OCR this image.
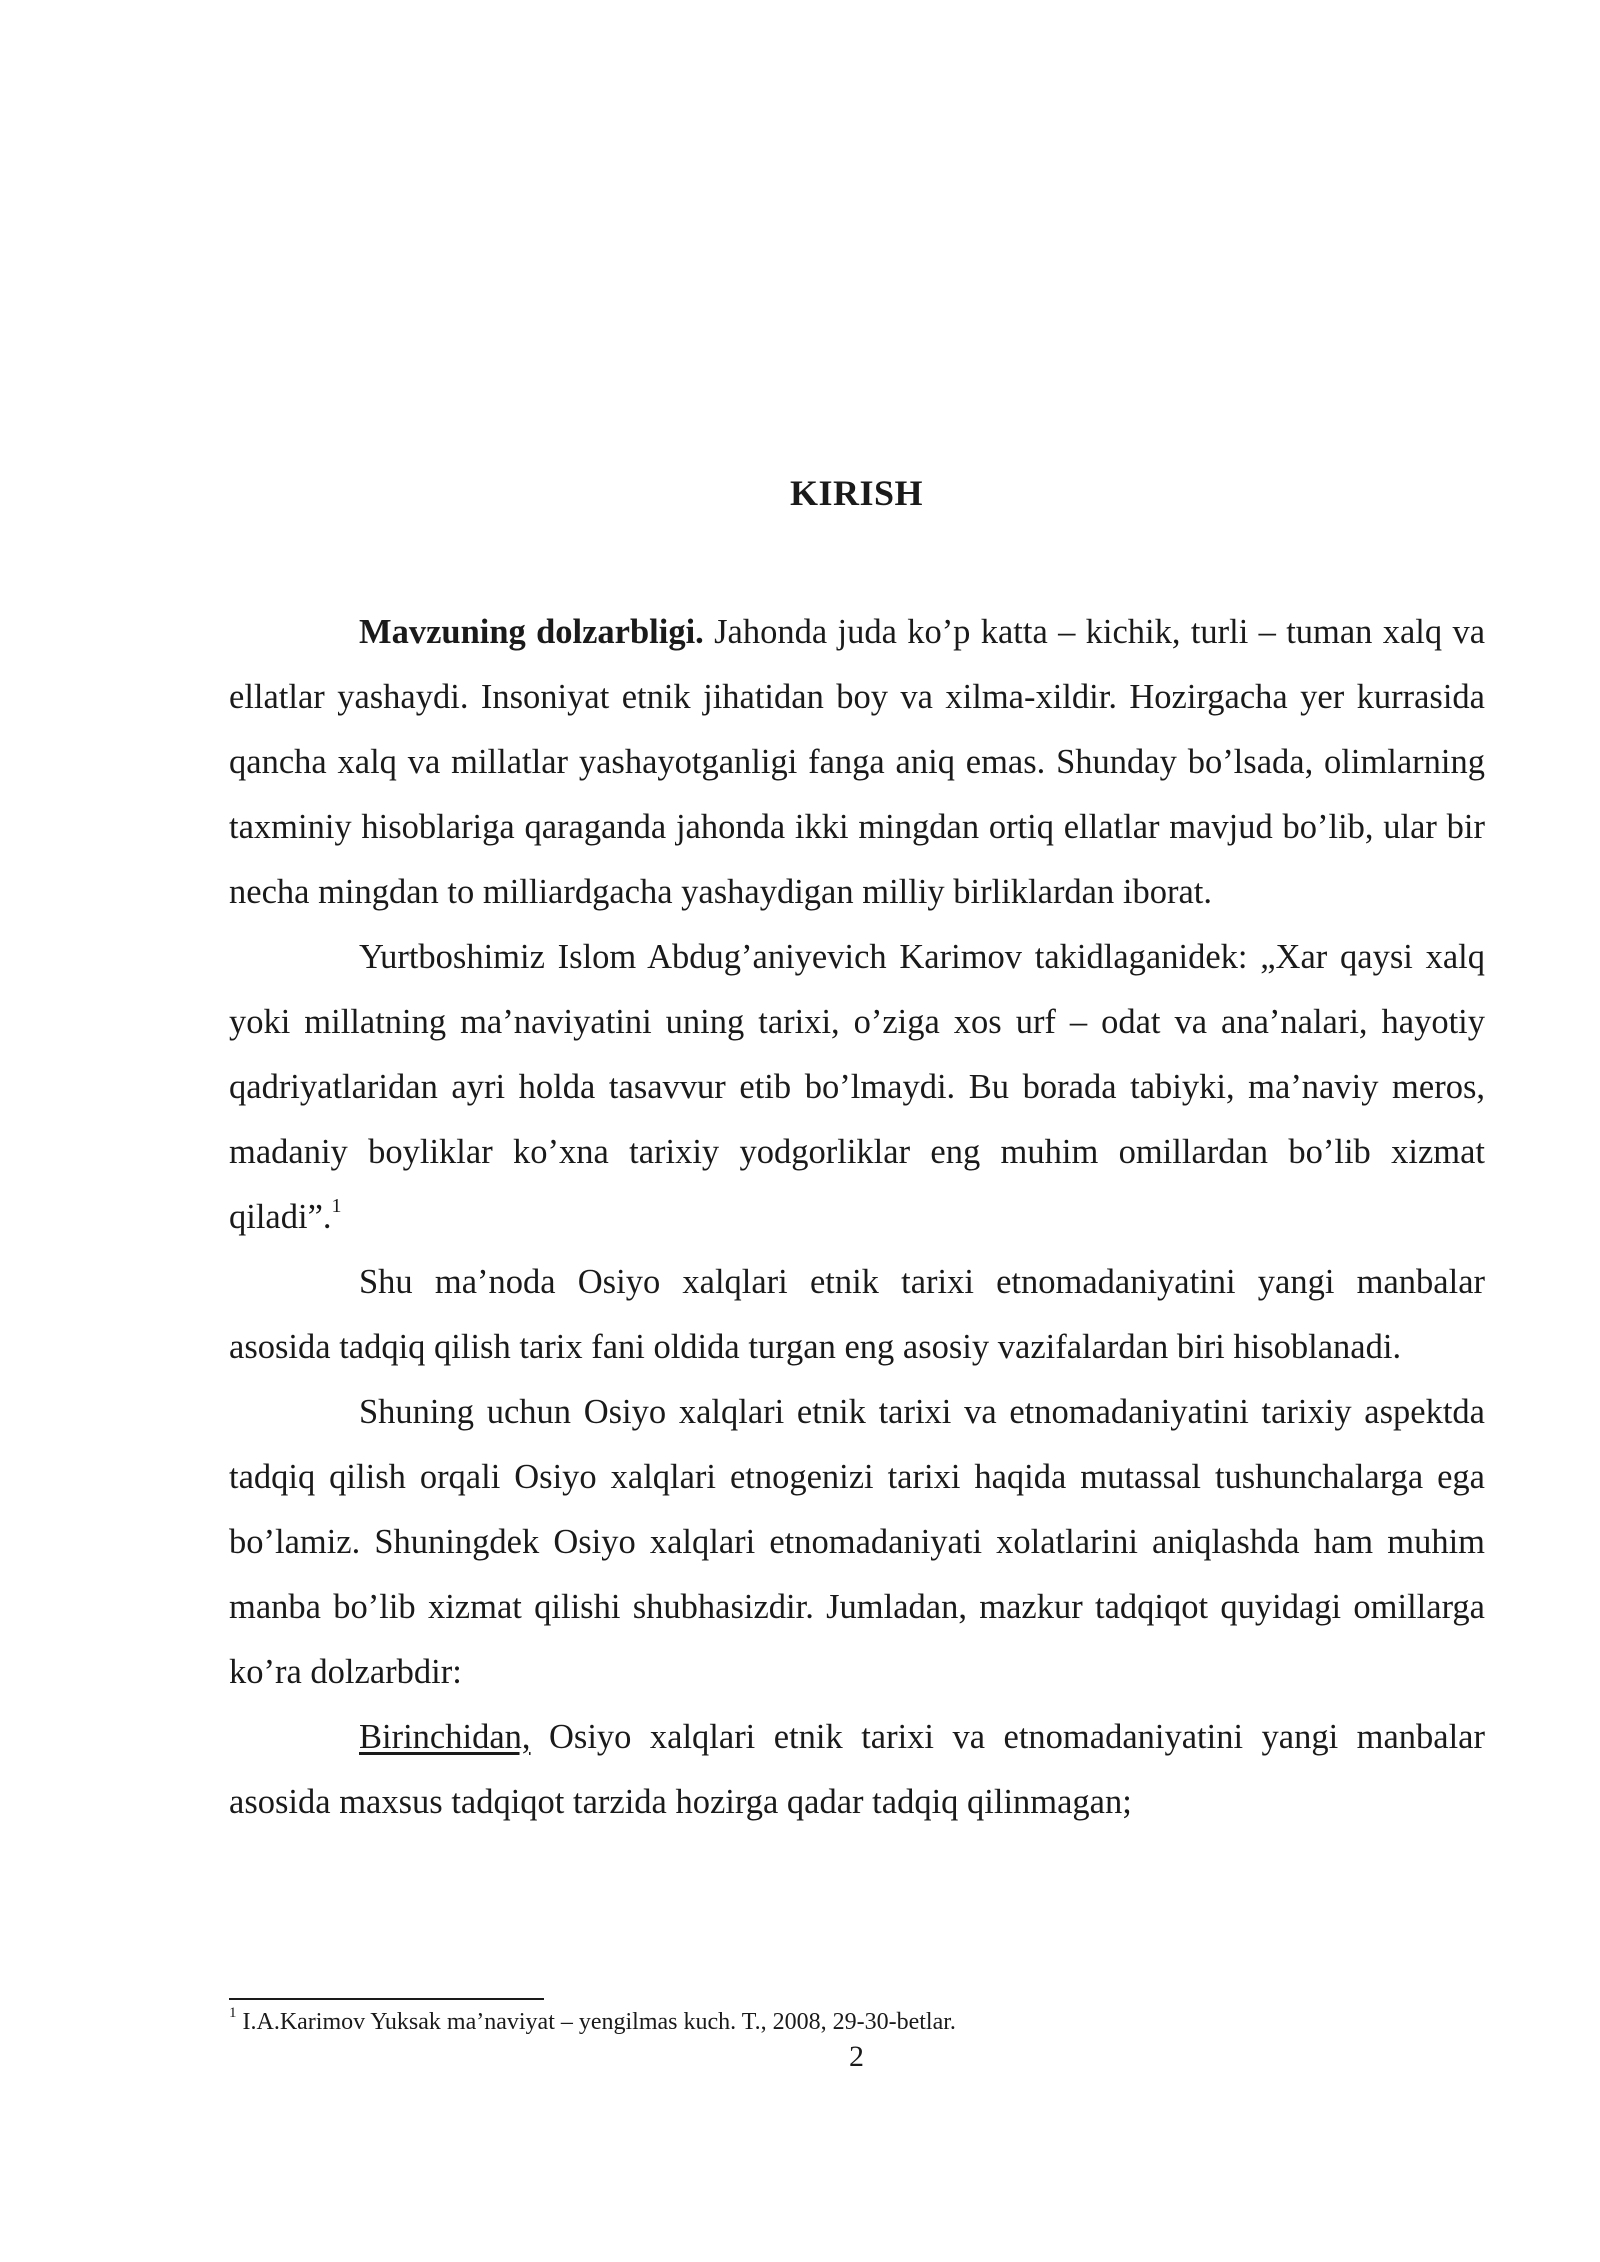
KIRISH

Mavzuning dolzarbligi. Jahonda juda ko’p katta – kichik, turli – tuman xalq va ellatlar yashaydi. Insoniyat etnik jihatidan boy va xilma-xildir. Hozirgacha yer kurrasida qancha xalq va millatlar yashayotganligi fanga aniq emas. Shunday bo’lsada, olimlarning taxminiy hisoblariga qaraganda jahonda ikki mingdan ortiq ellatlar mavjud bo’lib, ular bir necha mingdan to milliardgacha yashaydigan milliy birliklardan iborat.

Yurtboshimiz Islom Abdug’aniyevich Karimov takidlaganidek: „Xar qaysi xalq yoki millatning ma’naviyatini uning tarixi, o’ziga xos urf – odat va ana’nalari, hayotiy qadriyatlaridan ayri holda tasavvur etib bo’lmaydi. Bu borada tabiyki, ma’naviy meros, madaniy boyliklar ko’xna tarixiy yodgorliklar eng muhim omillardan bo’lib xizmat qiladi”.$^1$

Shu ma’noda Osiyo xalqlari etnik tarixi etnomadaniyatini yangi manbalar asosida tadqiq qilish tarix fani oldida turgan eng asosiy vazifalardan biri hisoblanadi.

Shuning uchun Osiyo xalqlari etnik tarixi va etnomadaniyatini tarixiy aspektda tadqiq qilish orqali Osiyo xalqlari etnogenizi tarixi haqida mutassal tushunchalarga ega bo’lamiz. Shuningdek Osiyo xalqlari etnomadaniyati xolatlarini aniqlashda ham muhim manba bo’lib xizmat qilishi shubhasizdir. Jumladan, mazkur tadqiqot quyidagi omillarga ko’ra dolzarbdir:

Birinchidan, Osiyo xalqlari etnik tarixi va etnomadaniyatini yangi manbalar asosida maxsus tadqiqot tarzida hozirga qadar tadqiq qilinmagan;

$^1$ I.A.Karimov Yuksak ma’naviyat – yengilmas kuch. T., 2008, 29-30-betlar.
2
